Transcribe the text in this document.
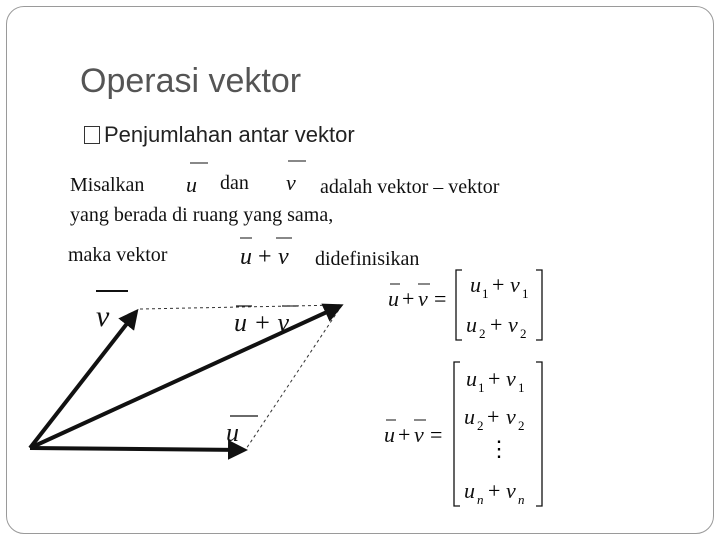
Operasi vektor
Penjumlahan antar vektor
Misalkan	dan	adalah vektor – vektor
yang berada di ruang yang sama,
maka vektor	didefinisikan
u	v
u + v
v
u
u + v
u + v =
u 1 + v 1
u 2 + v 2
u + v =
u 1 + v 1
u 2 + v 2
⋮
u n + v n
